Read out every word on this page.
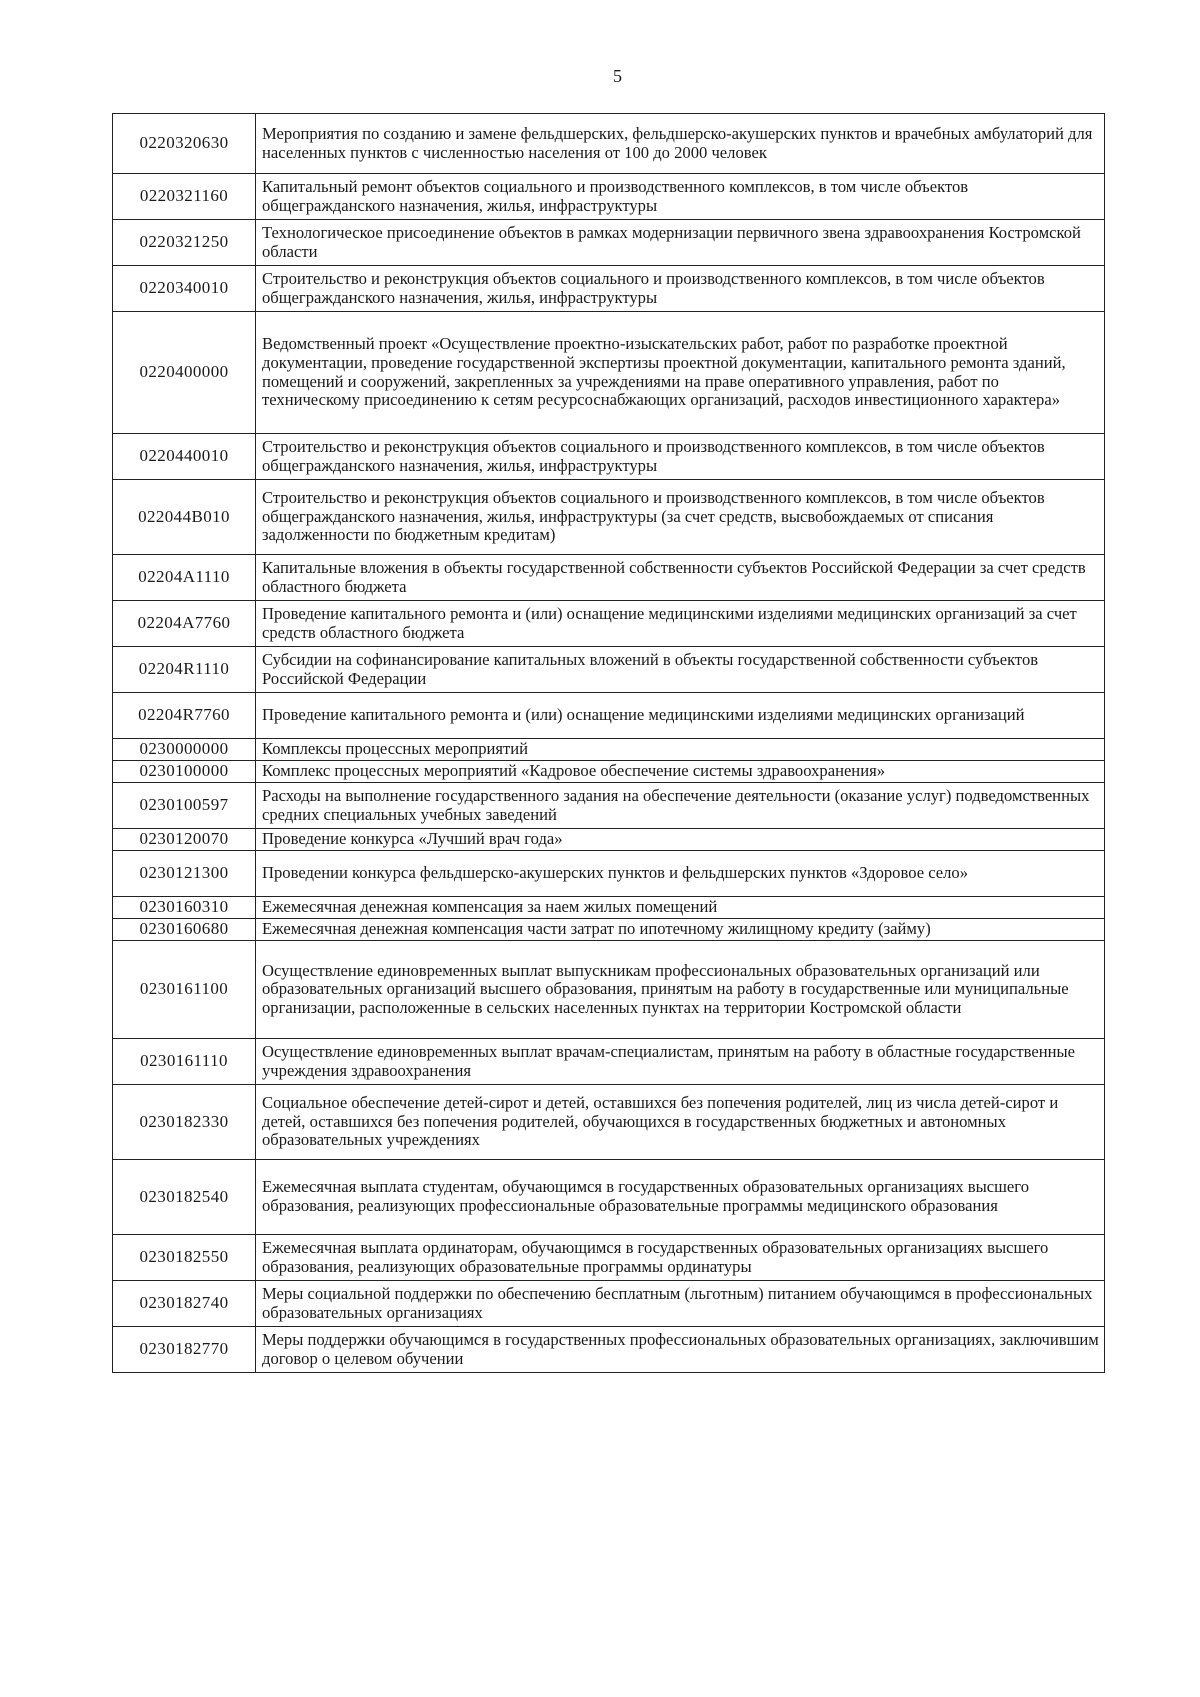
5
0220320630	Мероприятия по созданию и замене фельдшерских, фельдшерско-акушерских пунктов и врачебных амбулаторий для населенных пунктов с численностью населения от 100 до 2000 человек
0220321160	Капитальный ремонт объектов социального и производственного комплексов, в том числе объектов общегражданского назначения, жилья, инфраструктуры
0220321250	Технологическое присоединение объектов в рамках модернизации первичного звена здравоохранения Костромской области
0220340010	Строительство и реконструкция объектов социального и производственного комплексов, в том числе объектов общегражданского назначения, жилья, инфраструктуры
0220400000	Ведомственный проект «Осуществление проектно-изыскательских работ, работ по разработке проектной документации, проведение государственной экспертизы проектной документации, капитального ремонта зданий, помещений и сооружений, закрепленных за учреждениями на праве оперативного управления, работ по техническому присоединению к сетям ресурсоснабжающих организаций, расходов инвестиционного характера»
0220440010	Строительство и реконструкция объектов социального и производственного комплексов, в том числе объектов общегражданского назначения, жилья, инфраструктуры
022044B010	Строительство и реконструкция объектов социального и производственного комплексов, в том числе объектов общегражданского назначения, жилья, инфраструктуры (за счет средств, высвобождаемых от списания задолженности по бюджетным кредитам)
02204A1110	Капитальные вложения в объекты государственной собственности субъектов Российской Федерации за счет средств областного бюджета
02204A7760	Проведение капитального ремонта и (или) оснащение медицинскими изделиями медицинских организаций за счет средств областного бюджета
02204R1110	Субсидии на софинансирование капитальных вложений в объекты государственной собственности субъектов Российской Федерации
02204R7760	Проведение капитального ремонта и (или) оснащение медицинскими изделиями медицинских организаций
0230000000	Комплексы процессных мероприятий
0230100000	Комплекс процессных мероприятий «Кадровое обеспечение системы здравоохранения»
0230100597	Расходы на выполнение государственного задания на обеспечение деятельности (оказание услуг) подведомственных средних специальных учебных заведений
0230120070	Проведение конкурса «Лучший врач года»
0230121300	Проведении конкурса фельдшерско-акушерских пунктов и фельдшерских пунктов «Здоровое село»
0230160310	Ежемесячная денежная компенсация за наем жилых помещений
0230160680	Ежемесячная денежная компенсация части затрат по ипотечному жилищному кредиту (займу)
0230161100	Осуществление единовременных выплат выпускникам профессиональных образовательных организаций или образовательных организаций высшего образования, принятым на работу в государственные или муниципальные организации, расположенные в сельских населенных пунктах на территории Костромской области
0230161110	Осуществление единовременных выплат врачам-специалистам, принятым на работу в областные государственные учреждения здравоохранения
0230182330	Социальное обеспечение детей-сирот и детей, оставшихся без попечения родителей, лиц из числа детей-сирот и детей, оставшихся без попечения родителей, обучающихся в государственных бюджетных и автономных образовательных учреждениях
0230182540	Ежемесячная выплата студентам, обучающимся в государственных образовательных организациях высшего образования, реализующих профессиональные образовательные программы медицинского образования
0230182550	Ежемесячная выплата ординаторам, обучающимся в государственных образовательных организациях высшего образования, реализующих образовательные программы ординатуры
0230182740	Меры социальной поддержки по обеспечению бесплатным (льготным) питанием обучающимся в профессиональных образовательных организациях
0230182770	Меры поддержки обучающимся в государственных профессиональных образовательных организациях, заключившим договор о целевом обучении
